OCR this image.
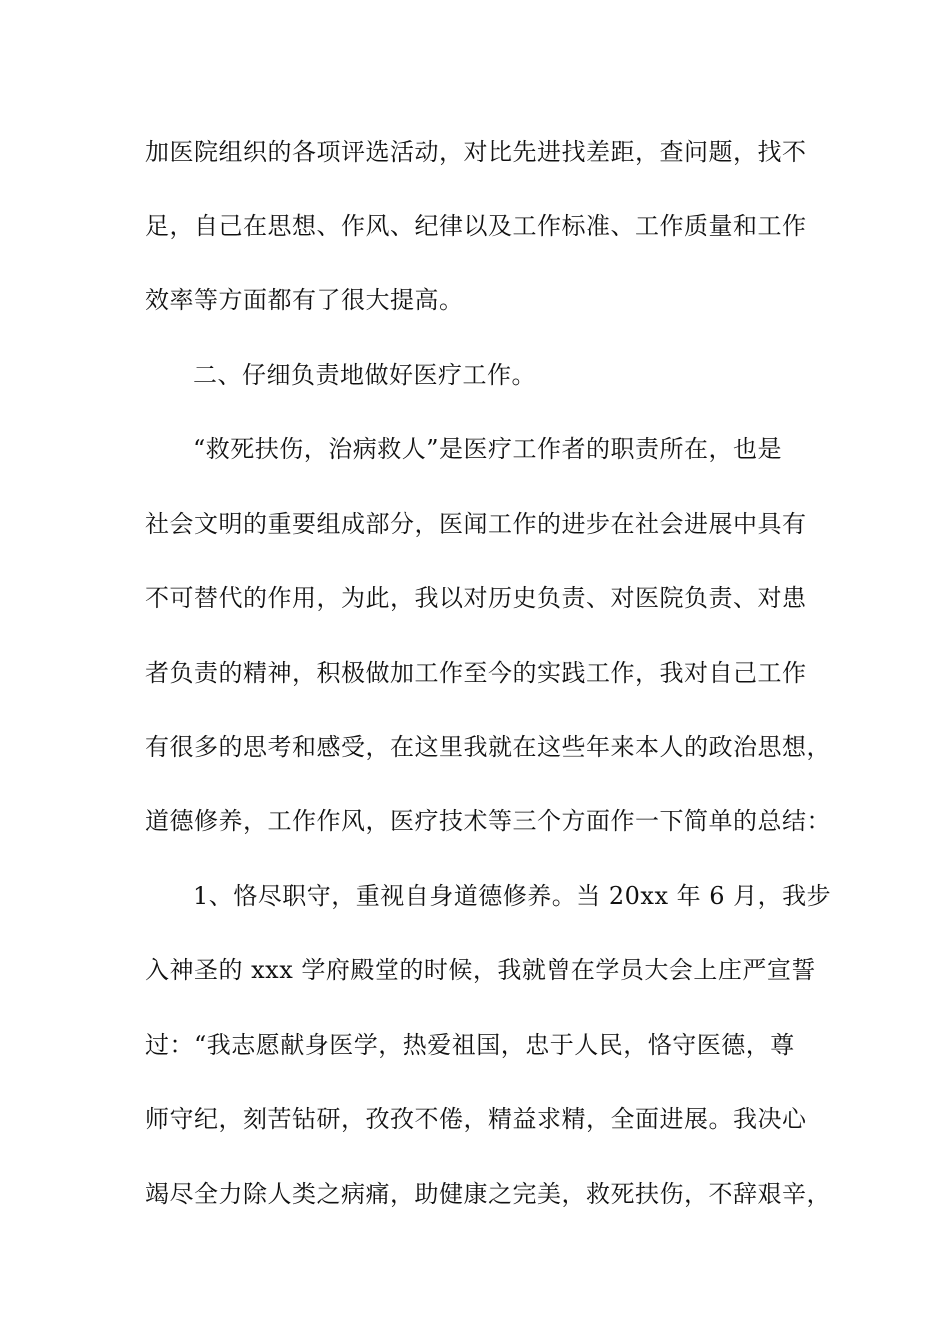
加医院组织的各项评选活动，对比先进找差距，查问题，找不
足，自己在思想、作风、纪律以及工作标准、工作质量和工作
效率等方面都有了很大提高。
二、仔细负责地做好医疗工作。
“救死扶伤，治病救人”是医疗工作者的职责所在，也是
社会文明的重要组成部分，医闻工作的进步在社会进展中具有
不可替代的作用，为此，我以对历史负责、对医院负责、对患
者负责的精神，积极做加工作至今的实践工作，我对自己工作
有很多的思考和感受，在这里我就在这些年来本人的政治思想，
道德修养，工作作风，医疗技术等三个方面作一下简单的总结：
1、恪尽职守，重视自身道德修养。当 20xx 年 6 月，我步
入神圣的 xxx 学府殿堂的时候，我就曾在学员大会上庄严宣誓
过：“我志愿献身医学，热爱祖国，忠于人民，恪守医德，尊
师守纪，刻苦钻研，孜孜不倦，精益求精，全面进展。我决心
竭尽全力除人类之病痛，助健康之完美，救死扶伤，不辞艰辛，
